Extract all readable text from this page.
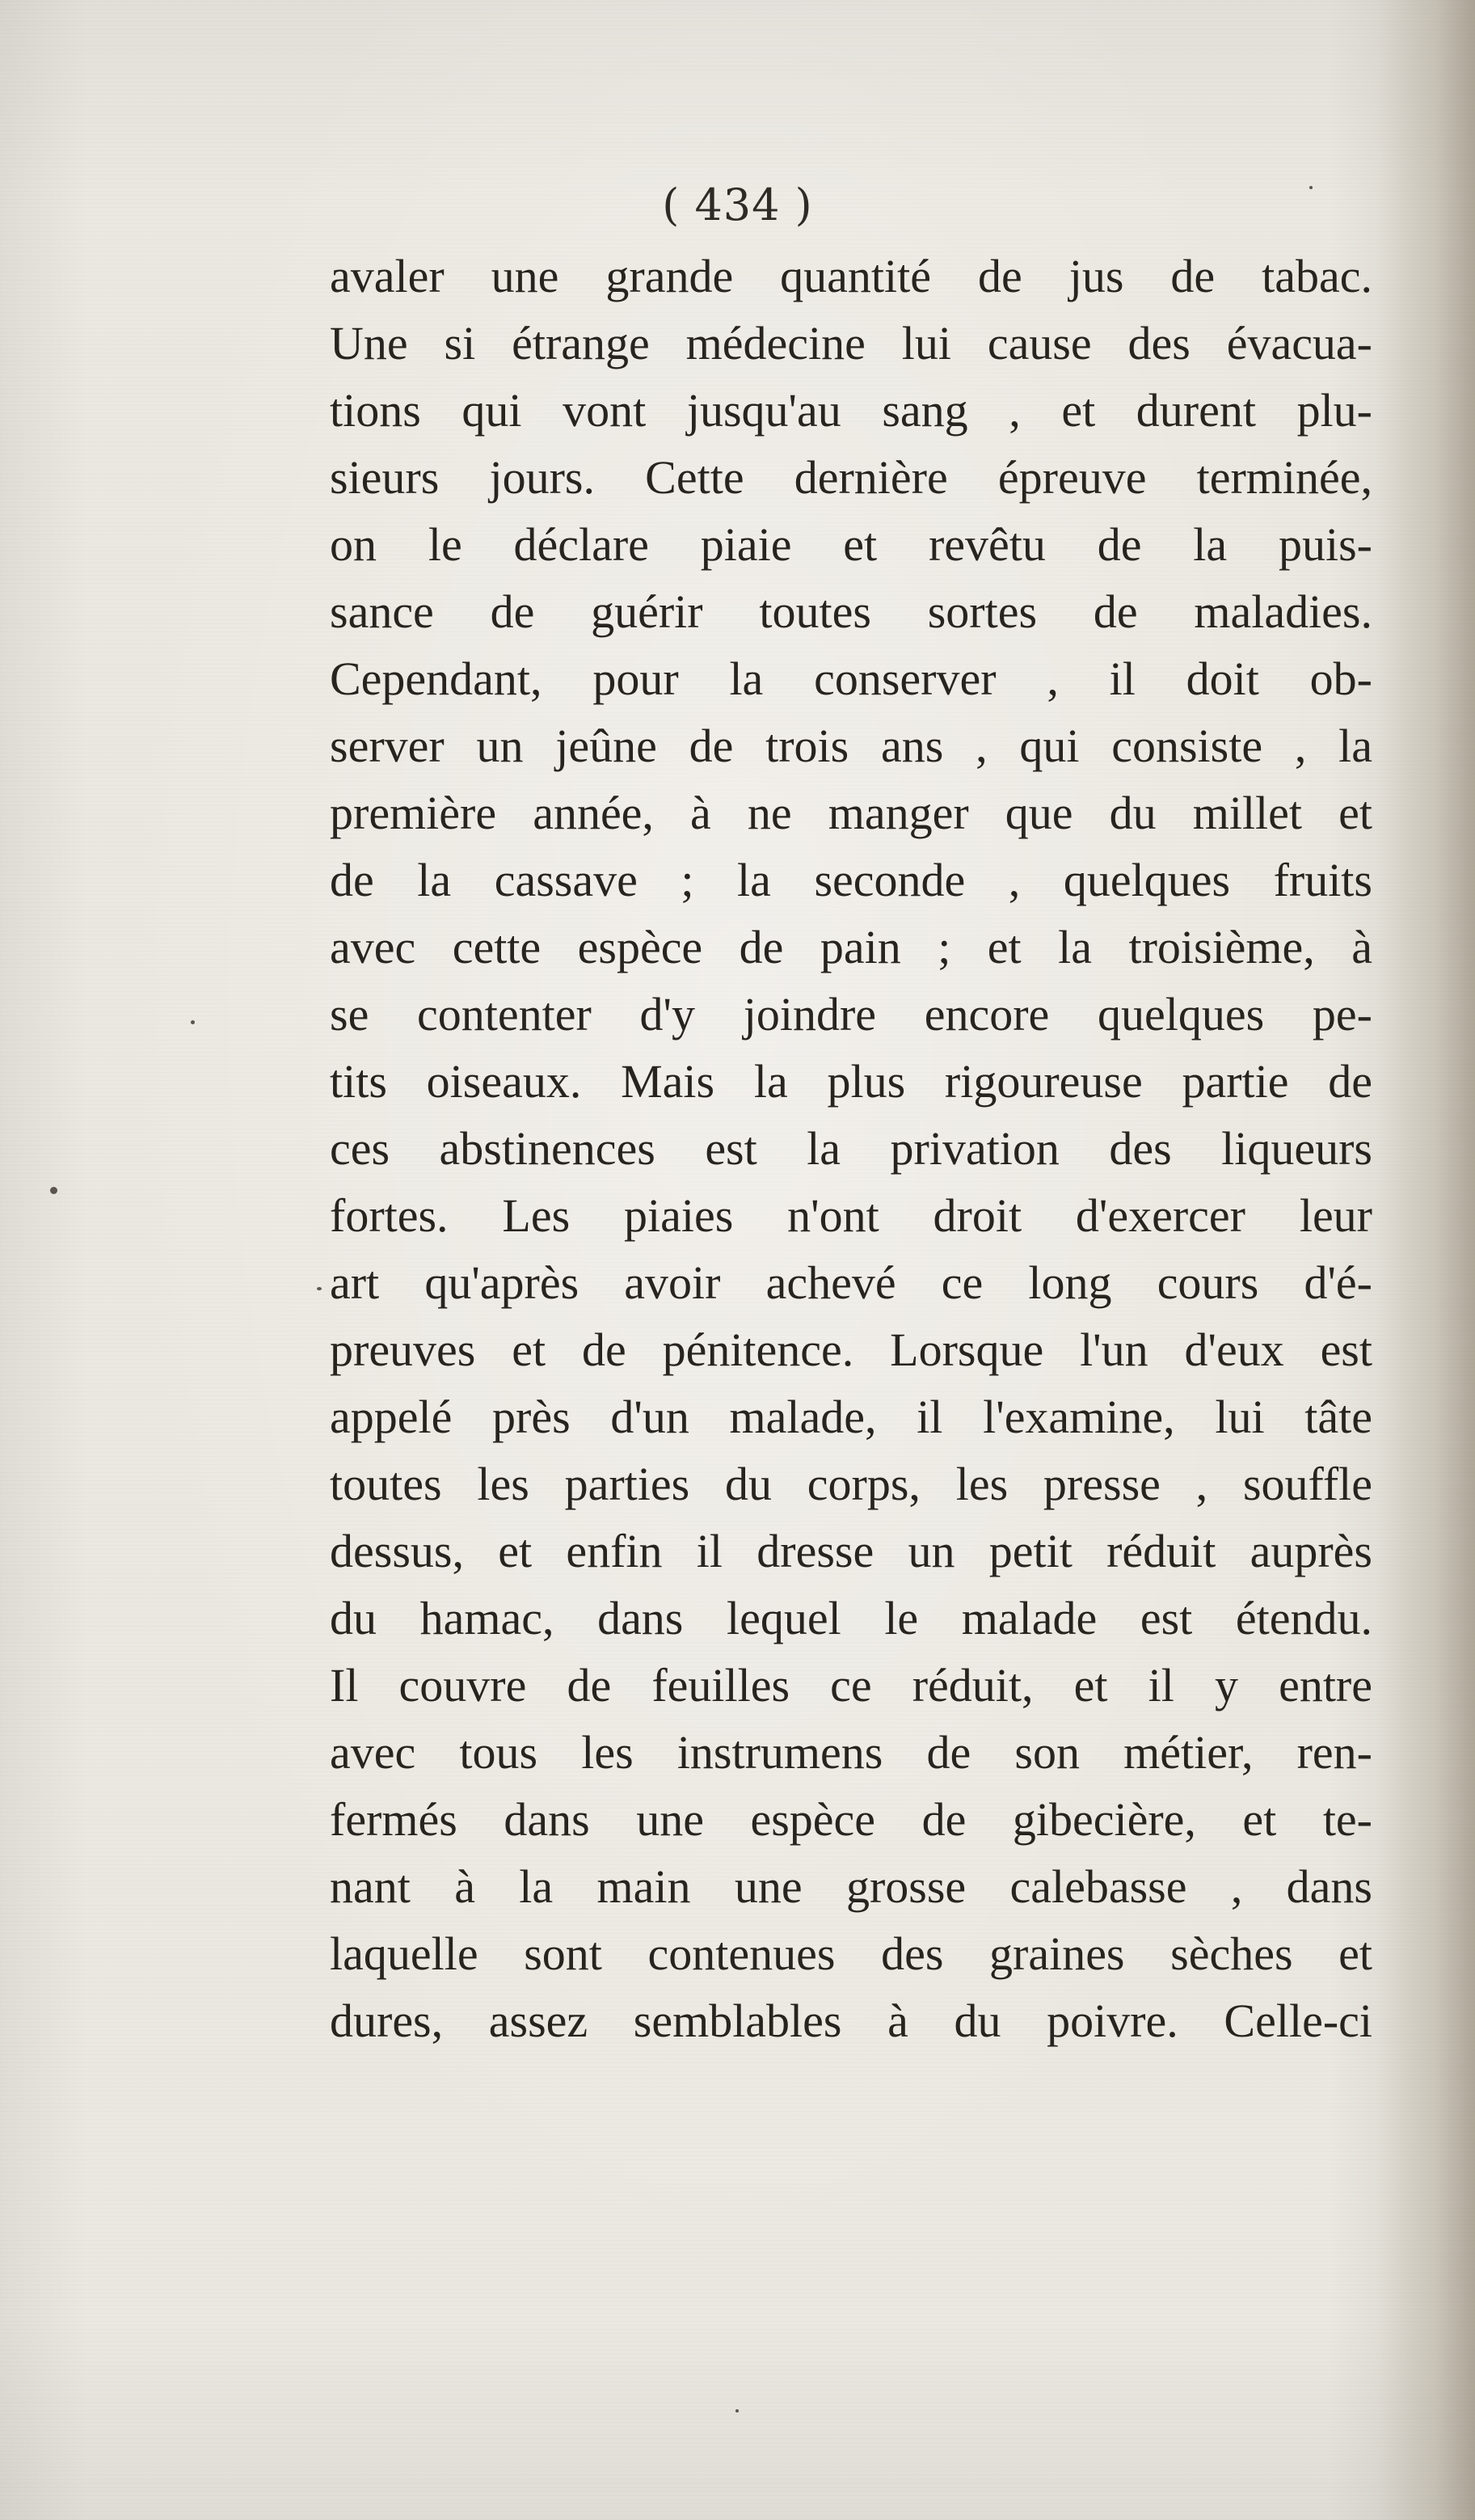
( 434 )
avaler une grande quantité de jus de tabac.
Une si étrange médecine lui cause des évacua-
tions qui vont jusqu'au sang , et durent plu-
sieurs jours. Cette dernière épreuve terminée,
on le déclare piaie et revêtu de la puis-
sance de guérir toutes sortes de maladies.
Cependant, pour la conserver , il doit ob-
server un jeûne de trois ans , qui consiste , la
première année, à ne manger que du millet et
de la cassave ; la seconde , quelques fruits
avec cette espèce de pain ; et la troisième, à
se contenter d'y joindre encore quelques pe-
tits oiseaux. Mais la plus rigoureuse partie de
ces abstinences est la privation des liqueurs
fortes. Les piaies n'ont droit d'exercer leur
art qu'après avoir achevé ce long cours d'é-
preuves et de pénitence. Lorsque l'un d'eux est
appelé près d'un malade, il l'examine, lui tâte
toutes les parties du corps, les presse , souffle
dessus, et enfin il dresse un petit réduit auprès
du hamac, dans lequel le malade est étendu.
Il couvre de feuilles ce réduit, et il y entre
avec tous les instrumens de son métier, ren-
fermés dans une espèce de gibecière, et te-
nant à la main une grosse calebasse , dans
laquelle sont contenues des graines sèches et
dures, assez semblables à du poivre. Celle-ci
